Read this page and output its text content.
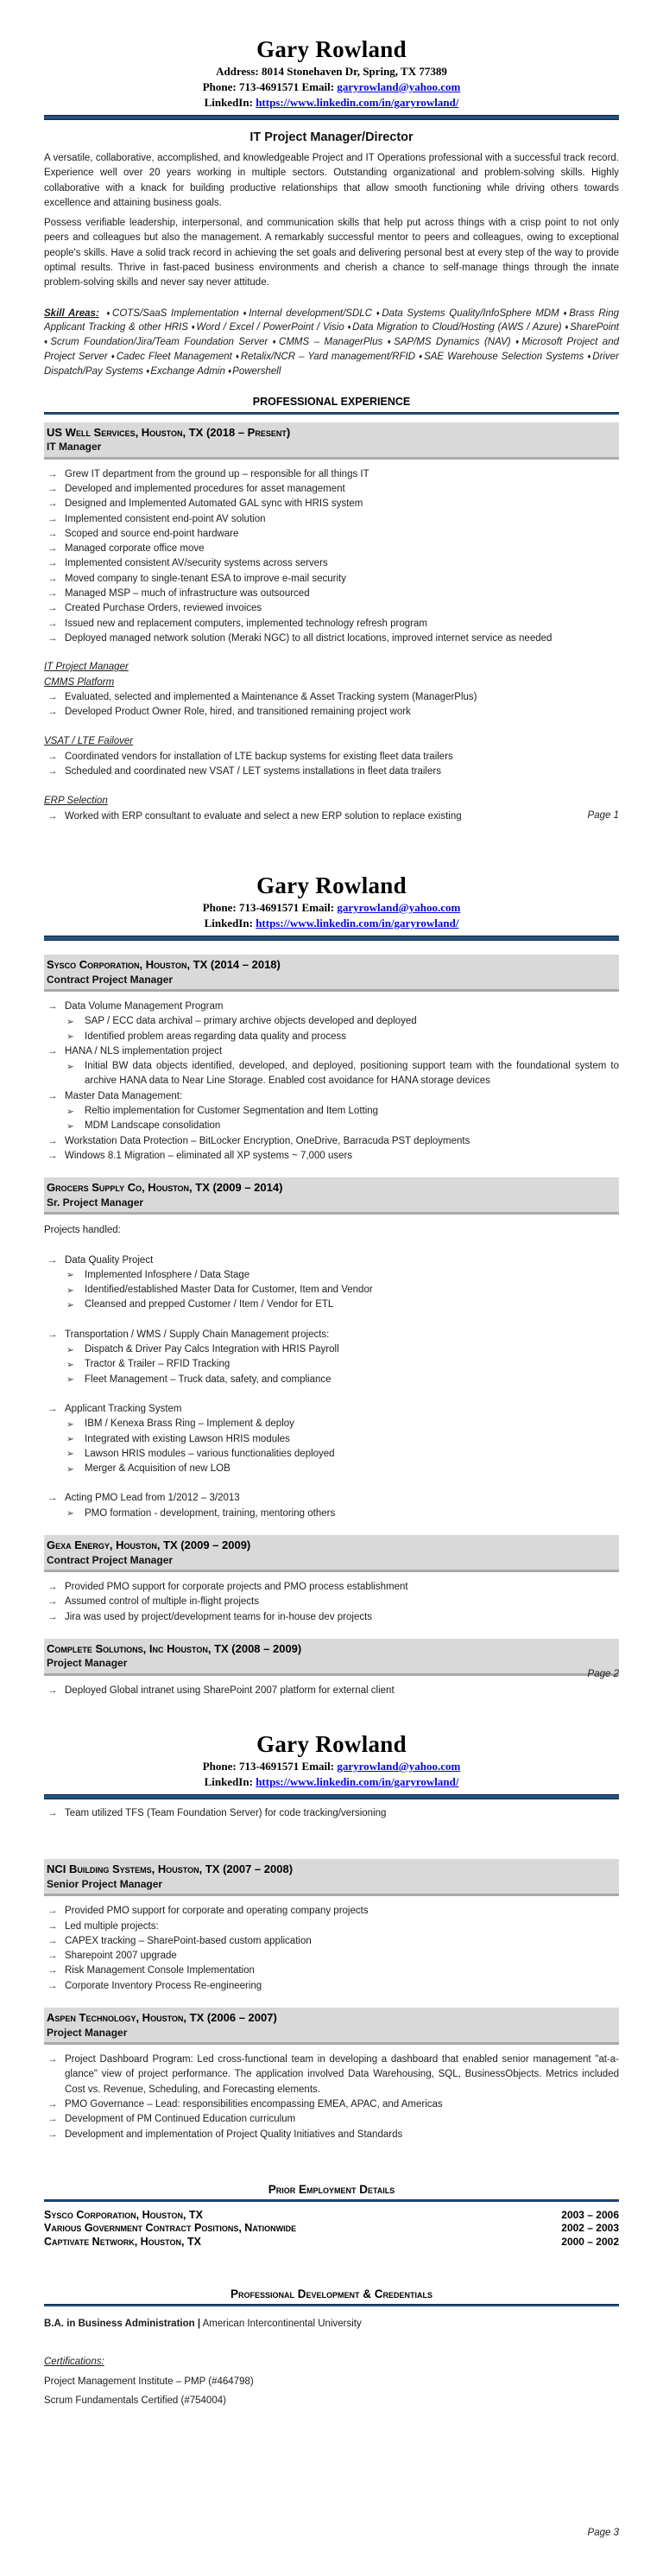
Gary Rowland
Address: 8014 Stonehaven Dr, Spring, TX 77389
Phone: 713-4691571 Email: garyrowland@yahoo.com
LinkedIn: https://www.linkedin.com/in/garyrowland/
IT Project Manager/Director

A versatile, collaborative, accomplished, and knowledgeable Project and IT Operations professional with a successful track record. Experience well over 20 years working in multiple sectors. Outstanding organizational and problem-solving skills. Highly collaborative with a knack for building productive relationships that allow smooth functioning while driving others towards excellence and attaining business goals.

Possess verifiable leadership, interpersonal, and communication skills that help put across things with a crisp point to not only peers and colleagues but also the management. A remarkably successful mentor to peers and colleagues, owing to exceptional people's skills. Have a solid track record in achieving the set goals and delivering personal best at every step of the way to provide optimal results. Thrive in fast-paced business environments and cherish a chance to self-manage things through the innate problem-solving skills and never say never attitude.

Skill Areas: ♦COTS/SaaS Implementation ♦Internal development/SDLC ♦Data Systems Quality/InfoSphere MDM ♦Brass Ring Applicant Tracking & other HRIS ♦Word / Excel / PowerPoint / Visio ♦Data Migration to Cloud/Hosting (AWS / Azure) ♦SharePoint ♦Scrum Foundation/Jira/Team Foundation Server ♦CMMS – ManagerPlus ♦SAP/MS Dynamics (NAV) ♦Microsoft Project and Project Server ♦Cadec Fleet Management ♦Retalix/NCR – Yard management/RFID ♦SAE Warehouse Selection Systems ♦Driver Dispatch/Pay Systems ♦Exchange Admin ♦Powershell

PROFESSIONAL EXPERIENCE
US Well Services, Houston, TX (2018 – Present)
IT Manager
→ Grew IT department from the ground up – responsible for all things IT
→ Developed and implemented procedures for asset management
→ Designed and Implemented Automated GAL sync with HRIS system
→ Implemented consistent end-point AV solution
→ Scoped and source end-point hardware
→ Managed corporate office move
→ Implemented consistent AV/security systems across servers
→ Moved company to single-tenant ESA to improve e-mail security
→ Managed MSP – much of infrastructure was outsourced
→ Created Purchase Orders, reviewed invoices
→ Issued new and replacement computers, implemented technology refresh program
→ Deployed managed network solution (Meraki NGC) to all district locations, improved internet service as needed
IT Project Manager
CMMS Platform
→ Evaluated, selected and implemented a Maintenance & Asset Tracking system (ManagerPlus)
→ Developed Product Owner Role, hired, and transitioned remaining project work
VSAT / LTE Failover
→ Coordinated vendors for installation of LTE backup systems for existing fleet data trailers
→ Scheduled and coordinated new VSAT / LET systems installations in fleet data trailers
ERP Selection
→ Worked with ERP consultant to evaluate and select a new ERP solution to replace existing	Page 1
Gary Rowland
Phone: 713-4691571 Email: garyrowland@yahoo.com
LinkedIn: https://www.linkedin.com/in/garyrowland/
Sysco Corporation, Houston, TX (2014 – 2018)
Contract Project Manager
→ Data Volume Management Program
➢ SAP / ECC data archival – primary archive objects developed and deployed
➢ Identified problem areas regarding data quality and process
→ HANA / NLS implementation project
➢ Initial BW data objects identified, developed, and deployed, positioning support team with the foundational system to archive HANA data to Near Line Storage. Enabled cost avoidance for HANA storage devices
→ Master Data Management:
➢ Reltio implementation for Customer Segmentation and Item Lotting
➢ MDM Landscape consolidation
→ Workstation Data Protection – BitLocker Encryption, OneDrive, Barracuda PST deployments
→ Windows 8.1 Migration – eliminated all XP systems ~ 7,000 users
Grocers Supply Co, Houston, TX (2009 – 2014)
Sr. Project Manager
Projects handled:
→ Data Quality Project
➢ Implemented Infosphere / Data Stage
➢ Identified/established Master Data for Customer, Item and Vendor
➢ Cleansed and prepped Customer / Item / Vendor for ETL
→ Transportation / WMS / Supply Chain Management projects:
➢ Dispatch & Driver Pay Calcs Integration with HRIS Payroll
➢ Tractor & Trailer – RFID Tracking
➢ Fleet Management – Truck data, safety, and compliance
→ Applicant Tracking System
➢ IBM / Kenexa Brass Ring – Implement & deploy
➢ Integrated with existing Lawson HRIS modules
➢ Lawson HRIS modules – various functionalities deployed
➢ Merger & Acquisition of new LOB
→ Acting PMO Lead from 1/2012 – 3/2013
➢ PMO formation - development, training, mentoring others
Gexa Energy, Houston, TX (2009 – 2009)
Contract Project Manager
→ Provided PMO support for corporate projects and PMO process establishment
→ Assumed control of multiple in-flight projects
→ Jira was used by project/development teams for in-house dev projects
Complete Solutions, Inc Houston, TX (2008 – 2009)
Project Manager
→ Deployed Global intranet using SharePoint 2007 platform for external client
Page 2
Gary Rowland
Phone: 713-4691571 Email: garyrowland@yahoo.com
LinkedIn: https://www.linkedin.com/in/garyrowland/
→ Team utilized TFS (Team Foundation Server) for code tracking/versioning
NCI Building Systems, Houston, TX (2007 – 2008)
Senior Project Manager
→ Provided PMO support for corporate and operating company projects
→ Led multiple projects:
→ CAPEX tracking – SharePoint-based custom application
→ Sharepoint 2007 upgrade
→ Risk Management Console Implementation
→ Corporate Inventory Process Re-engineering
Aspen Technology, Houston, TX (2006 – 2007)
Project Manager
→ Project Dashboard Program: Led cross-functional team in developing a dashboard that enabled senior management "at-a-glance" view of project performance. The application involved Data Warehousing, SQL, BusinessObjects. Metrics included Cost vs. Revenue, Scheduling, and Forecasting elements.
→ PMO Governance – Lead: responsibilities encompassing EMEA, APAC, and Americas
→ Development of PM Continued Education curriculum
→ Development and implementation of Project Quality Initiatives and Standards
Prior Employment Details
Sysco Corporation, Houston, TX	2003 – 2006
Various Government Contract Positions, Nationwide	2002 – 2003
Captivate Network, Houston, TX	2000 – 2002
Professional Development & Credentials

B.A. in Business Administration | American Intercontinental University

Certifications:

Project Management Institute – PMP (#464798)

Scrum Fundamentals Certified (#754004)

Page 3
